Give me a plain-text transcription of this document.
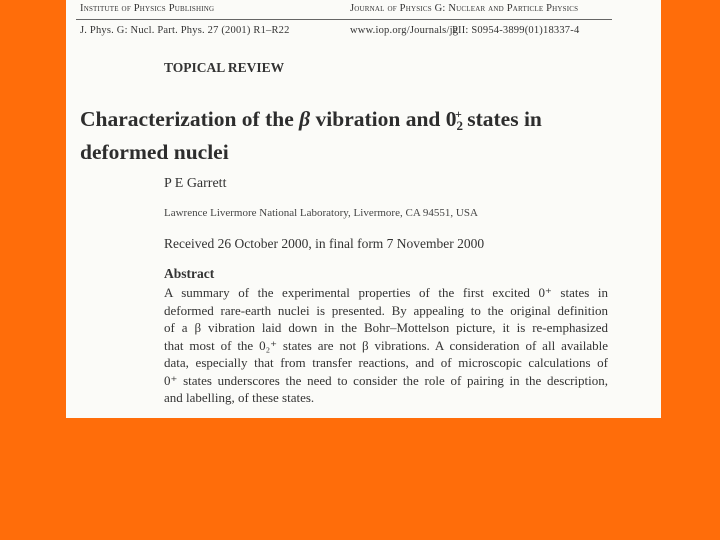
Institute of Physics Publishing	Journal of Physics G: Nuclear and Particle Physics
J. Phys. G: Nucl. Part. Phys. 27 (2001) R1–R22	www.iop.org/Journals/jg
PII: S0954-3899(01)18337-4
TOPICAL REVIEW
Characterization of the β vibration and 02+ states in
deformed nuclei
P E Garrett
Lawrence Livermore National Laboratory, Livermore, CA 94551, USA
Received 26 October 2000, in final form 7 November 2000
Abstract
A summary of the experimental properties of the first excited 0⁺ states in
deformed rare-earth nuclei is presented. By appealing to the original definition
of a β vibration laid down in the Bohr–Mottelson picture, it is re-emphasized
that most of the 0₂⁺ states are not β vibrations. A consideration of all available
data, especially that from transfer reactions, and of microscopic calculations of
0⁺ states underscores the need to consider the role of pairing in the description,
and labelling, of these states.
